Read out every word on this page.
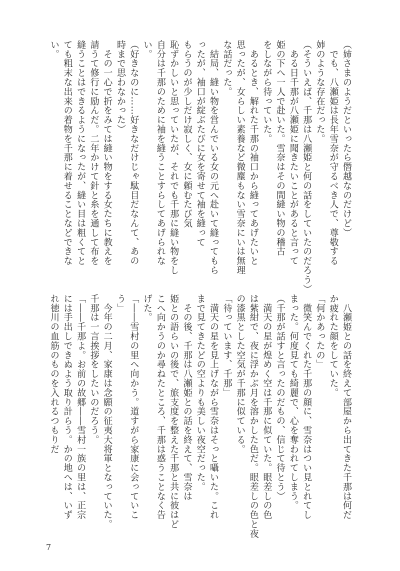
（姉さまのようだといったら僭越なのだけど）
　でも、八瀬姫は長年雪奈が守るべき人で、尊敬する
姉のような存在だった。
（そういえば、千那は八瀬姫と何の話をしていたのだろう）
　ある日千那が八瀬姫に聞きたいことがあると言って
姫の下へ一人で赴いた。雪奈はその間縫い物の稽古
をしながら待っていた。
　あるとき、解れた千那の袖口から縫ってあげたいと
思ったが、女らしい素養など微塵もない雪奈にいは無理
な話だった。
　結局、縫い物を営んでいる女の元へ赴いて縫ってもら
ったが、袖口が綻ぶたびに女を寄せて袖を縫って
もらうのが少しだけ寂しく、女に頼むたび気
恥ずかしいと思っていたが、それでも千那に縫い物をし
自分は千那のために袖を縫うことすらしてあげられな
い。
（好きなのに……好きなだけじゃ駄目だなんて、あの
時まで思わなかった）
　その一心で折をみては縫い物をする女たちに教えを
請うて修行に励んだ。二年かけて針と糸を通して布を
縫うことはできるようになったが、縫い目は粗くてと
ても粗末な出来の着物を千那に着せることなどできな
い。
　八瀬姫との話を終えて部屋から出てきた千那は何だ
か疲れた顔をしていた。
「何かあったの」
　微笑んでくれた千那の顔に、雪奈はつい見とれてし
まった。何度見ても綺麗で、心を奪われてしまう。
（千那が話すと言ったのだもの、信じて待とう）
　満天の星が煌めく空は千那に似ていた。眼差しの色
は紫紺で、夜に浮かぶ月を溶かした色だ。眼差しの色と夜
の漆黒とした空気が千那に似ている。
「待っています、千那」
　満天の星を見上げながら雪奈はそっと囁いた。これ
まで見てきたどの空よりも美しい夜空だった。
　その後、千那は八瀬姫との話を終えて、雪奈は
姫との語らいの後で、旅支度を整えた千那と共に彼はど
こへ向かうのか尋ねたところ、千那は惑うことなく告
げた。
「――雪村の里へ向かう。道すがら家康に会っていこ
う」
　今年の二月、家康は念願の征夷大将軍となっていた。
千那は一言挨拶をしたいのだろう。
「――千那よ。お前の故郷――雪村一族の里は、正宗
には手出しできぬよう取り計らう。かの地へは、いず
れ徳川の血筋のものを入れるつもりだ
7
